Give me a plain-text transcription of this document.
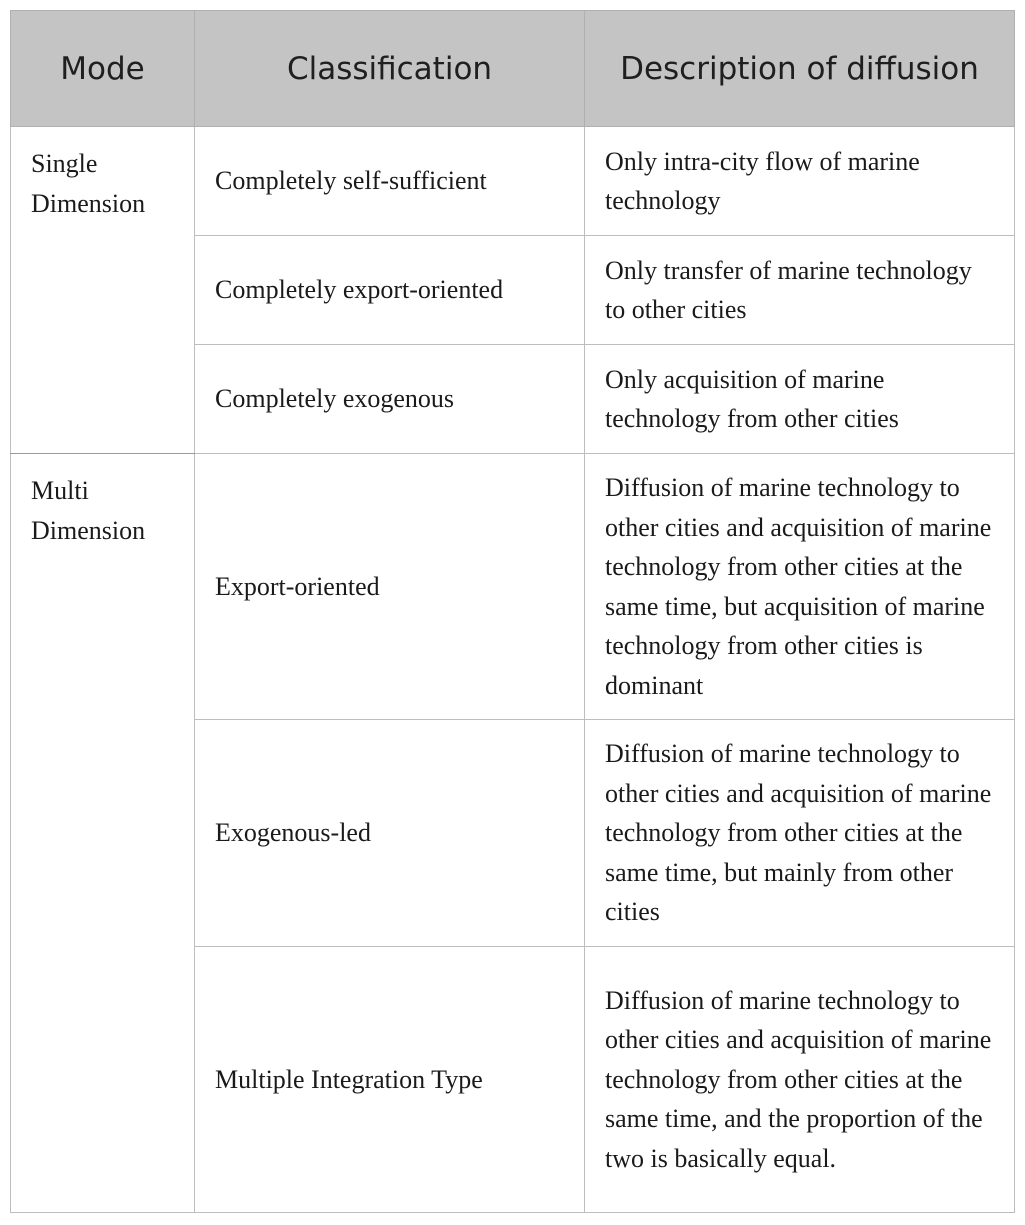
Mode	Classification	Description of diffusion
Single Dimension	Completely self-sufficient	Only intra-city flow of marine technology
	Completely export-oriented	Only transfer of marine technology to other cities
	Completely exogenous	Only acquisition of marine technology from other cities
Multi Dimension	Export-oriented	Diffusion of marine technology to other cities and acquisition of marine technology from other cities at the same time, but acquisition of marine technology from other cities is dominant
	Exogenous-led	Diffusion of marine technology to other cities and acquisition of marine technology from other cities at the same time, but mainly from other cities
	Multiple Integration Type	Diffusion of marine technology to other cities and acquisition of marine technology from other cities at the same time, and the proportion of the two is basically equal.
